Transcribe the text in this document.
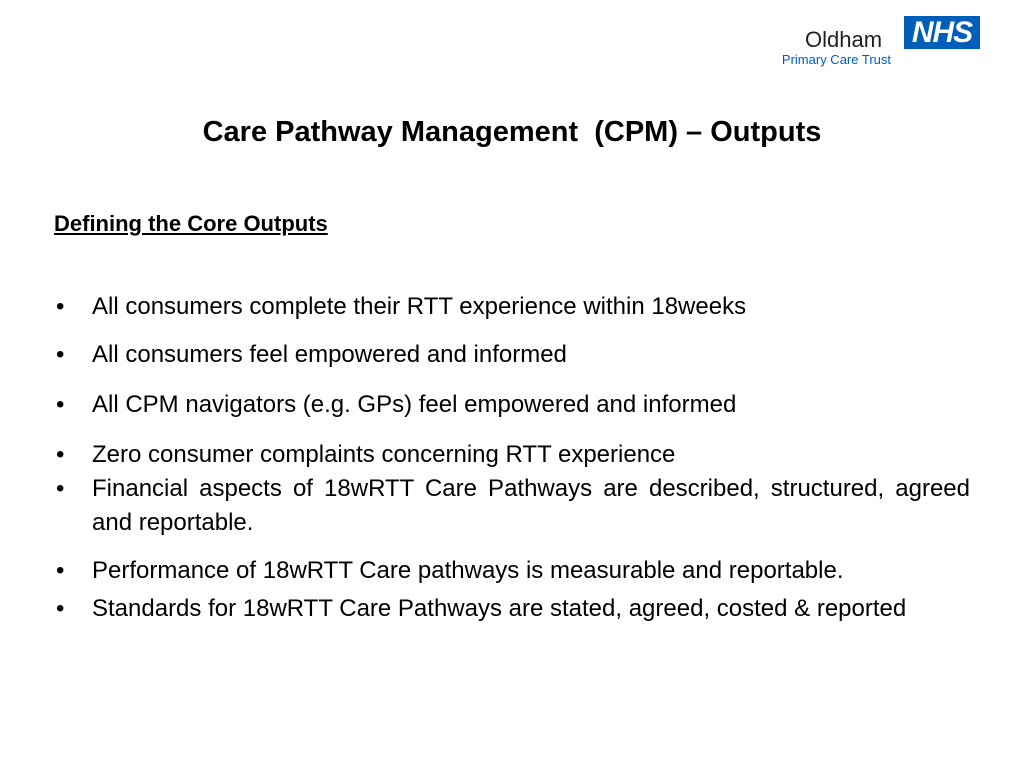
Oldham NHS
Primary Care Trust
Care Pathway Management  (CPM) – Outputs
Defining the Core Outputs
• All consumers complete their RTT experience within 18weeks
• All consumers feel empowered and informed
• All CPM navigators (e.g. GPs) feel empowered and informed
• Zero consumer complaints concerning RTT experience
• Financial aspects of 18wRTT Care Pathways are described, structured, agreed and reportable.
• Performance of 18wRTT Care pathways is measurable and reportable.
• Standards for 18wRTT Care Pathways are stated, agreed, costed & reported
